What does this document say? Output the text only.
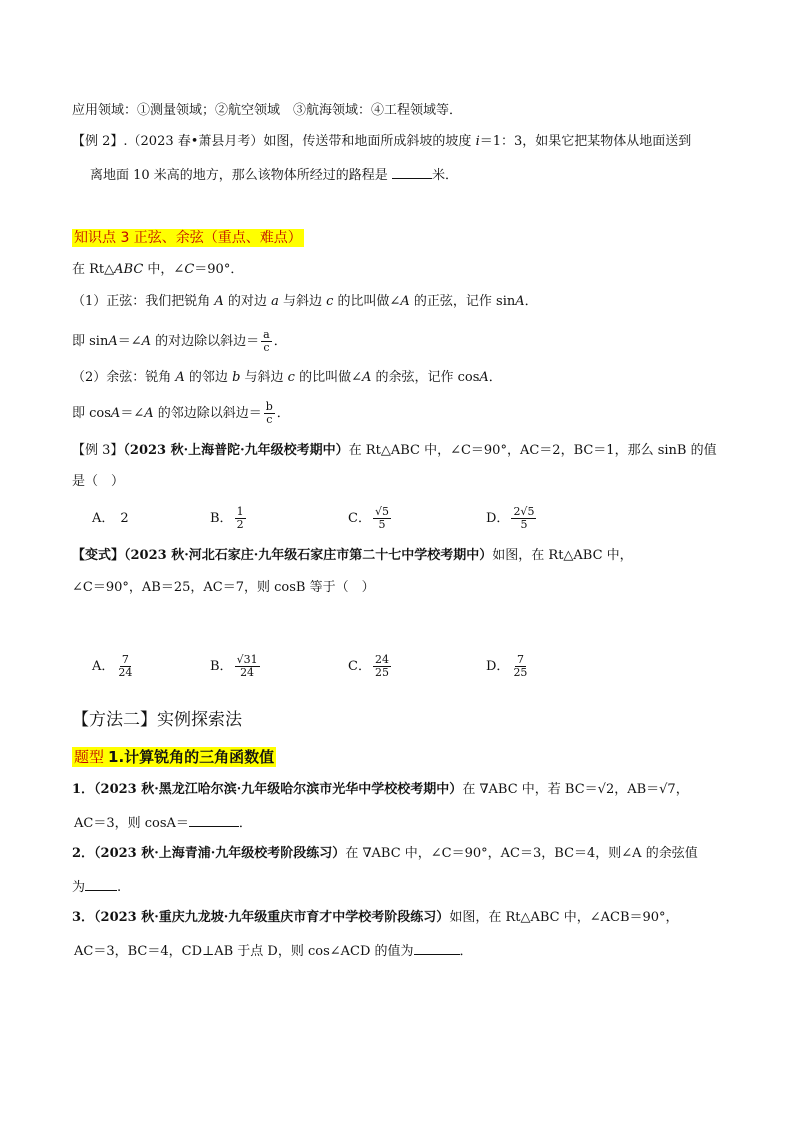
应用领域：①测量领域；②航空领域　③航海领域：④工程领域等．
【例 2】.（2023 春•萧县月考）如图，传送带和地面所成斜坡的坡度 i＝1：3，如果它把某物体从地面送到
离地面 10 米高的地方，那么该物体所经过的路程是	米．
知识点 3 正弦、余弦（重点、难点）
在 Rt△ABC 中，∠C＝90°．
（1）正弦：我们把锐角 A 的对边 a 与斜边 c 的比叫做∠A 的正弦，记作 sinA．
即 sinA＝∠A 的对边除以斜边＝ $\frac{a}{c}$ ．
（2）余弦：锐角 A 的邻边 b 与斜边 c 的比叫做∠A 的余弦，记作 cosA．
即 cosA＝∠A 的邻边除以斜边＝ $\frac{b}{c}$ ．
【例 3】（2023 秋·上海普陀·九年级校考期中）在 Rt△ABC 中，∠C＝90°，AC＝2，BC＝1，那么 sinB 的值
是（　）
A． 2	B． $\frac{1}{2}$	C． $\frac{√5}{5}$	D． $\frac{2√5}{5}$
【变式】（2023 秋·河北石家庄·九年级石家庄市第二十七中学校考期中）如图，在 Rt△ABC 中，
∠C＝90°，AB＝25，AC＝7，则 cosB 等于（　）
A． $\frac{7}{24}$	B． $\frac{√31}{24}$	C． $\frac{24}{25}$	D． $\frac{7}{25}$
【方法二】实例探索法
题型 1.计算锐角的三角函数值
1．（2023 秋·黑龙江哈尔滨·九年级哈尔滨市光华中学校校考期中）在 ∇ABC 中，若 BC＝√2，AB＝√7，
AC＝3，则 cosA＝	．
2．（2023 秋·上海青浦·九年级校考阶段练习）在 ∇ABC 中，∠C＝90°，AC＝3，BC＝4，则∠A 的余弦值
为 .
3．（2023 秋·重庆九龙坡·九年级重庆市育才中学校考阶段练习）如图，在 Rt△ABC 中，∠ACB＝90°，
AC＝3，BC＝4，CD⊥AB 于点 D，则 cos∠ACD 的值为	．
